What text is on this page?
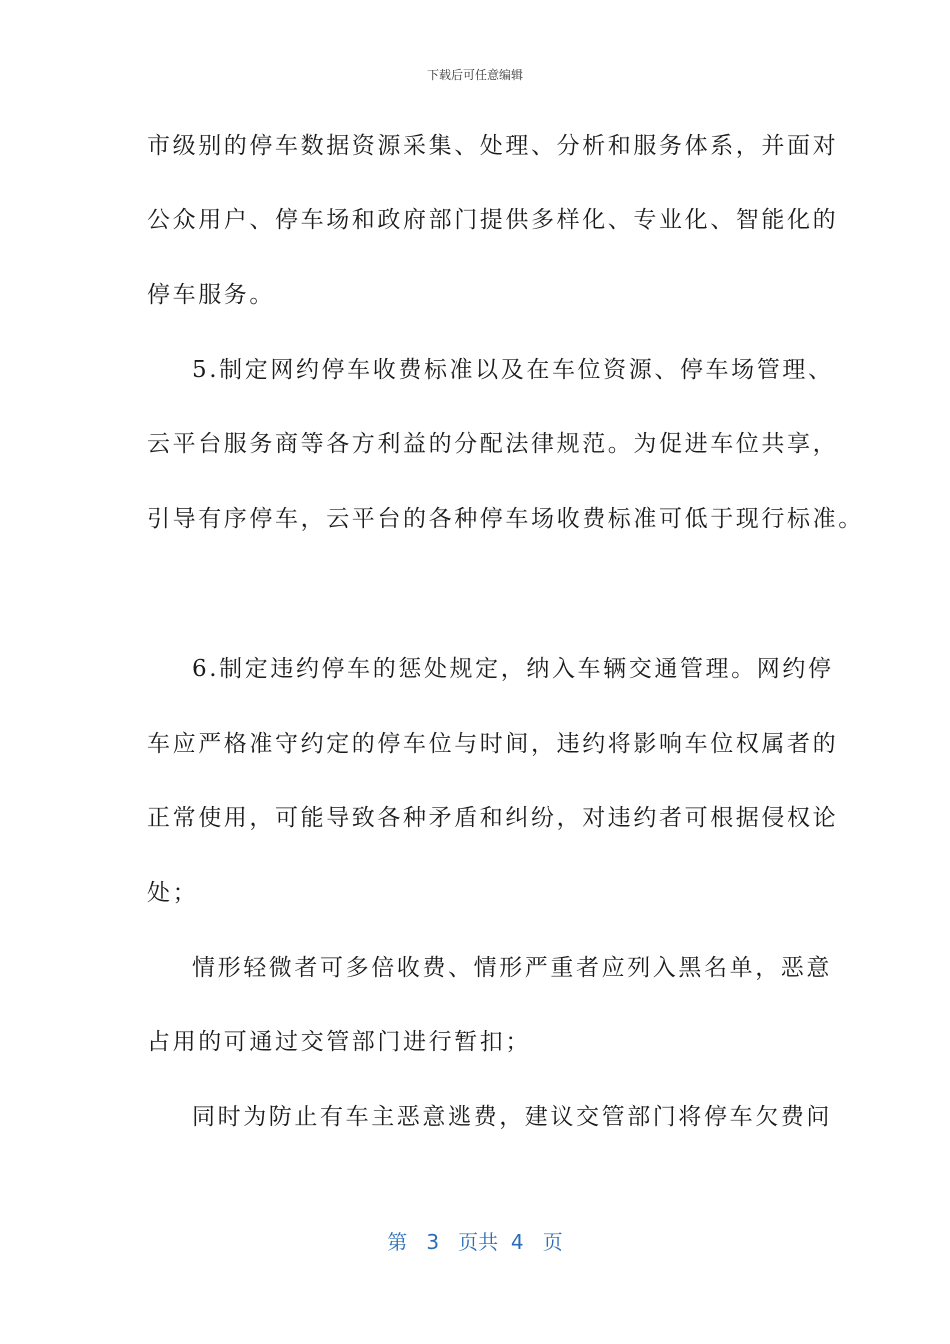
下载后可任意编辑
市级别的停车数据资源采集、处理、分析和服务体系，并面对
公众用户、停车场和政府部门提供多样化、专业化、智能化的
停车服务。
5.制定网约停车收费标准以及在车位资源、停车场管理、
云平台服务商等各方利益的分配法律规范。为促进车位共享，
引导有序停车，云平台的各种停车场收费标准可低于现行标准。
6.制定违约停车的惩处规定，纳入车辆交通管理。网约停
车应严格准守约定的停车位与时间，违约将影响车位权属者的
正常使用，可能导致各种矛盾和纠纷，对违约者可根据侵权论
处；
情形轻微者可多倍收费、情形严重者应列入黑名单，恶意
占用的可通过交管部门进行暂扣；
同时为防止有车主恶意逃费，建议交管部门将停车欠费问
第 3 页共 4 页
